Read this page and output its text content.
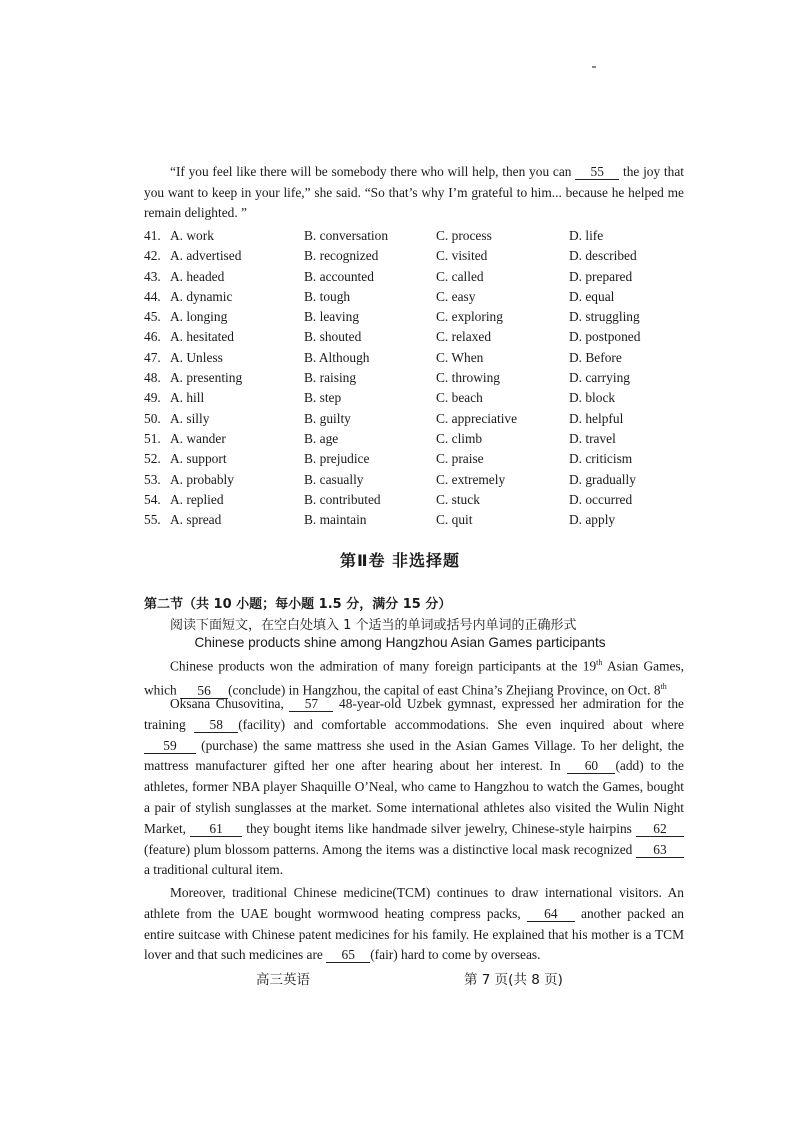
“If you feel like there will be somebody there who will help, then you can 55 the joy that you want to keep in your life,” she said. “So that’s why I’m grateful to him... because he helped me remain delighted. ”
41. A. work	B. conversation	C. process	D. life
42. A. advertised	B. recognized	C. visited	D. described
43. A. headed	B. accounted	C. called	D. prepared
44. A. dynamic	B. tough	C. easy	D. equal
45. A. longing	B. leaving	C. exploring	D. struggling
46. A. hesitated	B. shouted	C. relaxed	D. postponed
47. A. Unless	B. Although	C. When	D. Before
48. A. presenting	B. raising	C. throwing	D. carrying
49. A. hill	B. step	C. beach	D. block
50. A. silly	B. guilty	C. appreciative	D. helpful
51. A. wander	B. age	C. climb	D. travel
52. A. support	B. prejudice	C. praise	D. criticism
53. A. probably	B. casually	C. extremely	D. gradually
54. A. replied	B. contributed	C. stuck	D. occurred
55. A. spread	B. maintain	C. quit	D. apply
第Ⅱ卷 非选择题
第二节（共 10 小题；每小题 1.5 分，满分 15 分）
阅读下面短文，在空白处填入 1 个适当的单词或括号内单词的正确形式
Chinese products shine among Hangzhou Asian Games participants
Chinese products won the admiration of many foreign participants at the 19th Asian Games, which 56 (conclude) in Hangzhou, the capital of east China’s Zhejiang Province, on Oct. 8th
Oksana Chusovitina, 57 48-year-old Uzbek gymnast, expressed her admiration for the training 58 (facility) and comfortable accommodations. She even inquired about where 59 (purchase) the same mattress she used in the Asian Games Village. To her delight, the mattress manufacturer gifted her one after hearing about her interest. In 60 (add) to the athletes, former NBA player Shaquille O’Neal, who came to Hangzhou to watch the Games, bought a pair of stylish sunglasses at the market. Some international athletes also visited the Wulin Night Market, 61 they bought items like handmade silver jewelry, Chinese-style hairpins 62(feature) plum blossom patterns. Among the items was a distinctive local mask recognized 63 a traditional cultural item.
Moreover, traditional Chinese medicine(TCM) continues to draw international visitors. An athlete from the UAE bought wormwood heating compress packs, 64 another packed an entire suitcase with Chinese patent medicines for his family. He explained that his mother is a TCM lover and that such medicines are 65 (fair) hard to come by overseas.
高三英语	第 7 页(共 8 页)
